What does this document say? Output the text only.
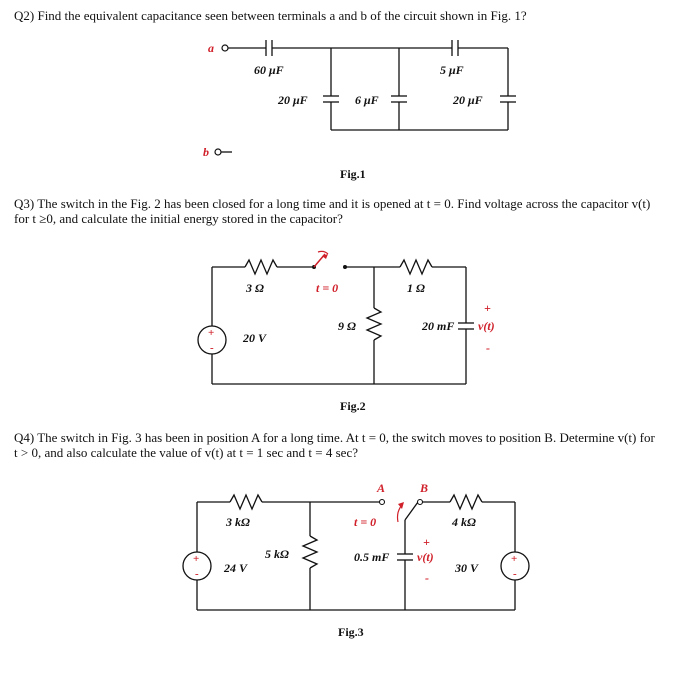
Q2) Find the equivalent capacitance seen between terminals a and b of the circuit shown in Fig. 1?
Q3) The switch in the Fig. 2 has been closed for a long time and it is opened at t = 0. Find voltage across the capacitor v(t)
for t ≥0, and calculate the initial energy stored in the capacitor?
Q4) The switch in Fig. 3 has been in position A for a long time. At t = 0, the switch moves to position B. Determine v(t) for
t > 0, and also calculate the value of v(t) at t = 1 sec and t = 4 sec?
a
60 μF	5 μF
20 μF	6 μF	20 μF
b
Fig.1
+
-
20 V
3 Ω	t = 0	1 Ω
9 Ω	20 mF
+
v(t)
-
Fig.2
A	B
t = 0	4 kΩ
3 kΩ
+
- 24 V
5 kΩ	0.5 mF
+
v(t)
-
+
-
30 V
Fig.3
